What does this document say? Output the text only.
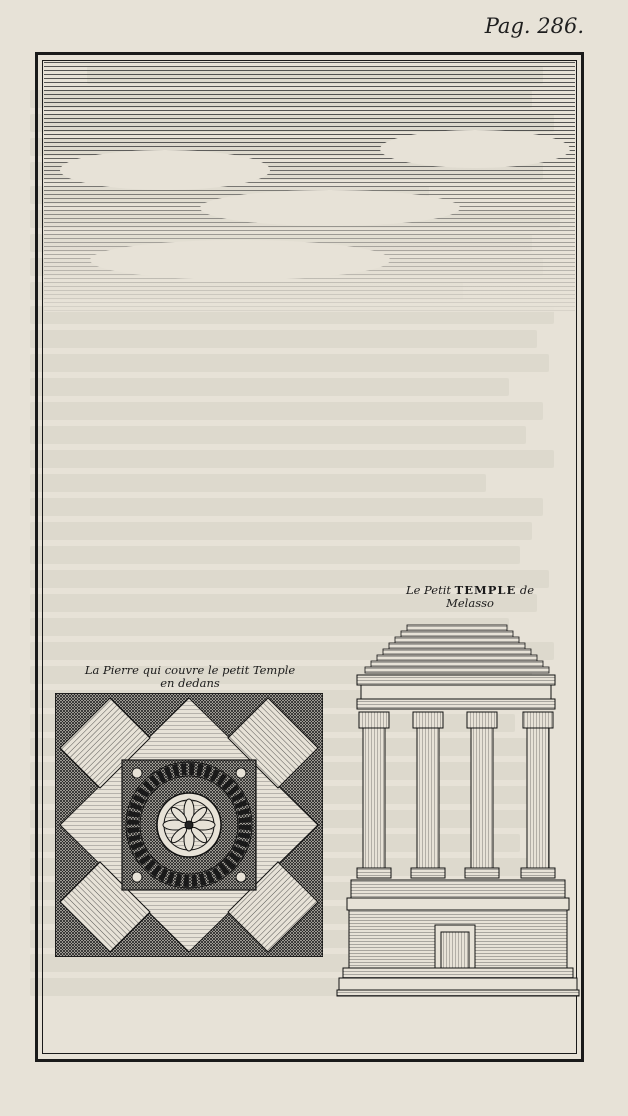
Pag. 286.
La Pierre qui couvre le petit Temple
en dedans
Le Petit TEMPLE de
Melasso
